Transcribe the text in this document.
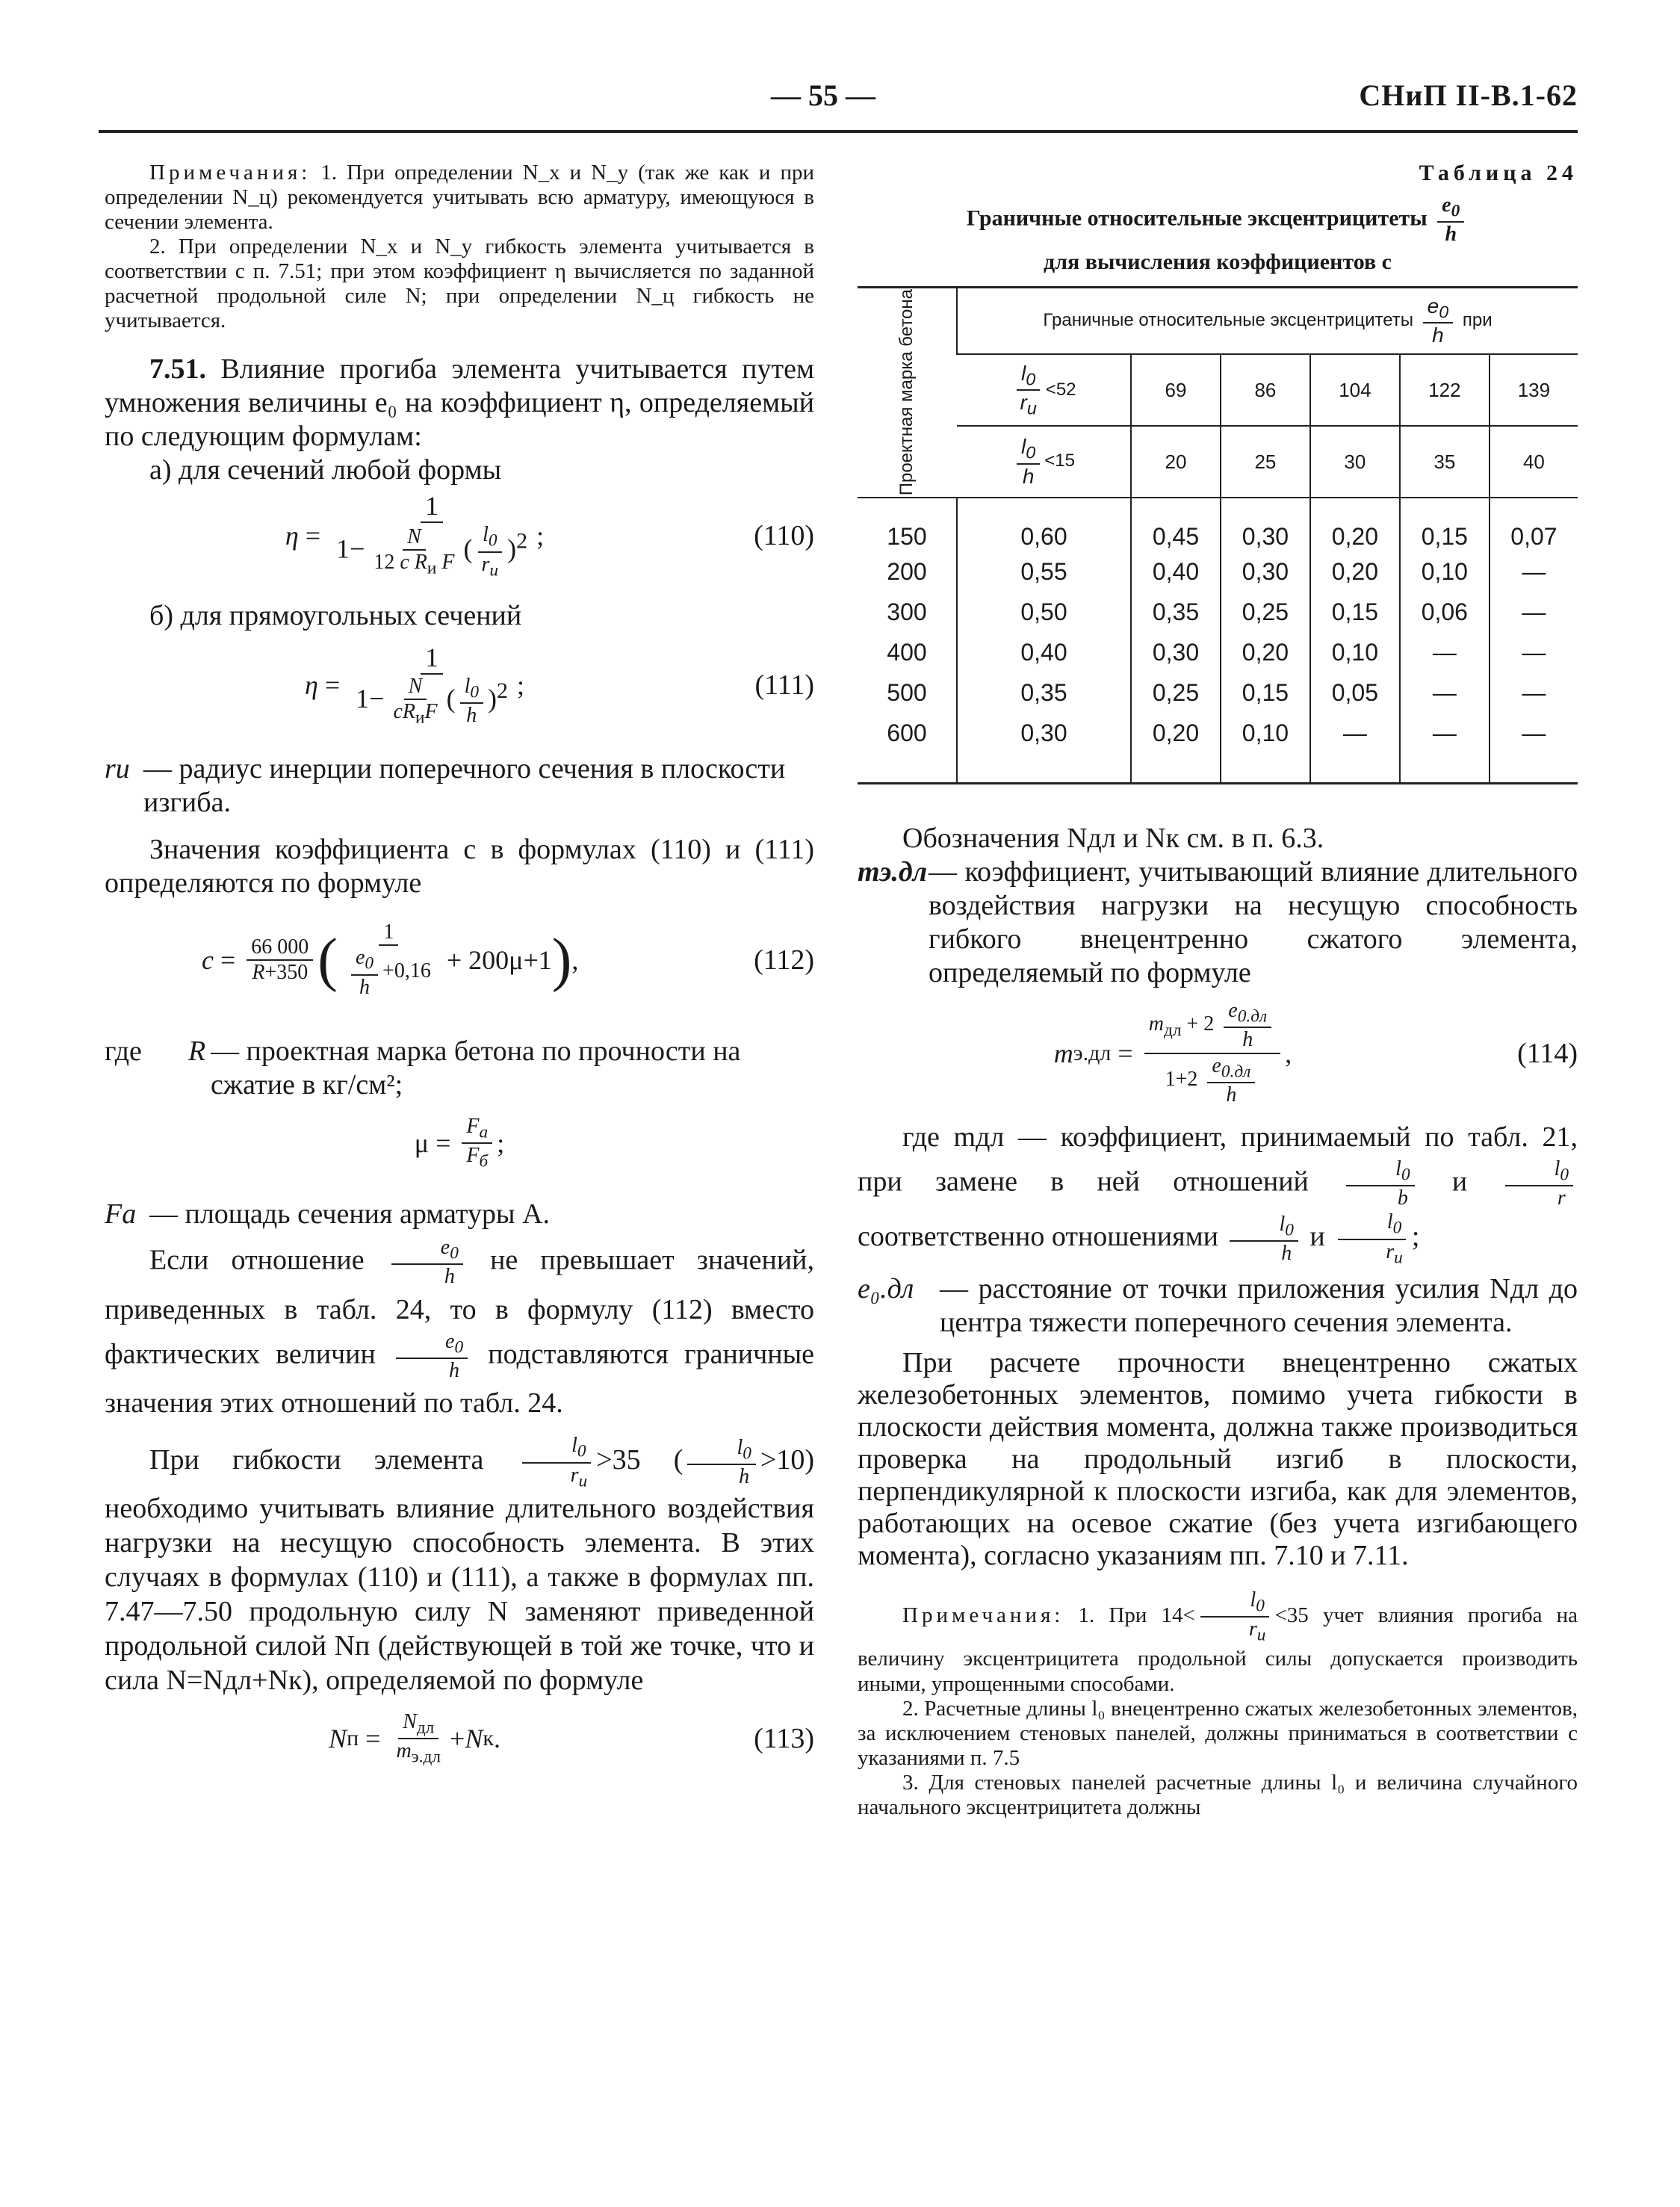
— 55 —	СНиП II-В.1-62

Примечания: 1. При определении N_x и N_y (так же как и при определении N_ц) рекомендуется учитывать всю арматуру, имеющуюся в сечении элемента.

2. При определении N_x и N_y гибкость элемента учитывается в соответствии с п. 7.51; при этом коэффициент η вычисляется по заданной расчетной продольной силе N; при определении N_ц гибкость не учитывается.

7.51. Влияние прогиба элемента учитывается путем умножения величины e₀ на коэффициент η, определяемый по следующим формулам:

а) для сечений любой формы

$\eta = \frac{1}{1- \frac{N}{12 c R_и F} ( \frac{l_0}{r_и} )^2}$ ;	(110)

б) для прямоугольных сечений

$\eta = \frac{1}{1- \frac{N}{cR_иF} ( \frac{l_0}{h} )^2}$ ;	(111)
rи — радиус инерции поперечного сечения в плоскости изгиба.

Значения коэффициента c в формулах (110) и (111) определяются по формуле

$c = \frac{66 000}{R+350}$ ( $\frac{1}{\frac{e_0}{h} +0,16} + 200\mu+1$ ) ,	(112)
где	R — проектная марка бетона по прочности на сжатие в кг/см²;
$\mu = \frac{F_а}{F_б}$ ;
Fа — площадь сечения арматуры А.

Если отношение $\frac{e_0}{h}$ не превышает значений, приведенных в табл. 24, то в формулу (112) вместо фактических величин $\frac{e_0}{h}$ подставляются граничные значения этих отношений по табл. 24.

При гибкости элемента $\frac{l_0}{r_и} >35$ ( $\frac{l_0}{h} >10$) необходимо учитывать влияние длительного воздействия нагрузки на несущую способность элемента. В этих случаях в формулах (110) и (111), а также в формулах пп. 7.47—7.50 продольную силу N заменяют приведенной продольной силой Nп (действующей в той же точке, что и сила N=Nдл+Nк), определяемой по формуле

N $п = \frac{N_{дл}}{m_{э.дл}} + N$ к .	(113)

Таблица 24

Граничные относительные эксцентрицитеты $\frac{e_0}{h}$

для вычисления коэффициентов c

Проектная марка бетона	Граничные относительные эксцентрицитеты $\frac{e_0}{h}$ при					

	$\frac{l_0}{r_и} <52$	69	86	104	122	139

	$\frac{l_0}{h} <15$	20	25	30	35	40
150	0,60	0,45	0,30	0,20	0,15	0,07
200	0,55	0,40	0,30	0,20	0,10	—
300	0,50	0,35	0,25	0,15	0,06	—
400	0,40	0,30	0,20	0,10	—	—
500	0,35	0,25	0,15	0,05	—	—
600	0,30	0,20	0,10	—	—	—

Обозначения Nдл и Nк см. в п. 6.3.

mэ.дл — коэффициент, учитывающий влияние длительного воздействия нагрузки на несущую способность гибкого внецентренно сжатого элемента, определяемый по формуле
m $э.дл = \frac{m_{дл} + 2 \frac{e_{0.дл}}{h}}{1+2 \frac{e_{0.дл}}{h}}$ ,	(114)

где mдл — коэффициент, принимаемый по табл. 21, при замене в ней отношений $\frac{l_0}{b}$ и $\frac{l_0}{r}$
соответственно отношениями $\frac{l_0}{h}$ и $\frac{l_0}{r_и}$ ;

e₀.дл — расстояние от точки приложения усилия Nдл до центра тяжести поперечного сечения элемента.

При расчете прочности внецентренно сжатых железобетонных элементов, помимо учета гибкости в плоскости действия момента, должна также производиться проверка на продольный изгиб в плоскости, перпендикулярной к плоскости изгиба, как для элементов, работающих на осевое сжатие (без учета изгибающего момента), согласно указаниям пп. 7.10 и 7.11.

Примечания: 1. При $14< \frac{l_0}{r_и} <35$ учет влияния прогиба на величину эксцентрицитета продольной силы допускается производить иными, упрощенными способами.

2. Расчетные длины l₀ внецентренно сжатых железобетонных элементов, за исключением стеновых панелей, должны приниматься в соответствии с указаниями п. 7.5

3. Для стеновых панелей расчетные длины l₀ и величина случайного начального эксцентрицитета должны
